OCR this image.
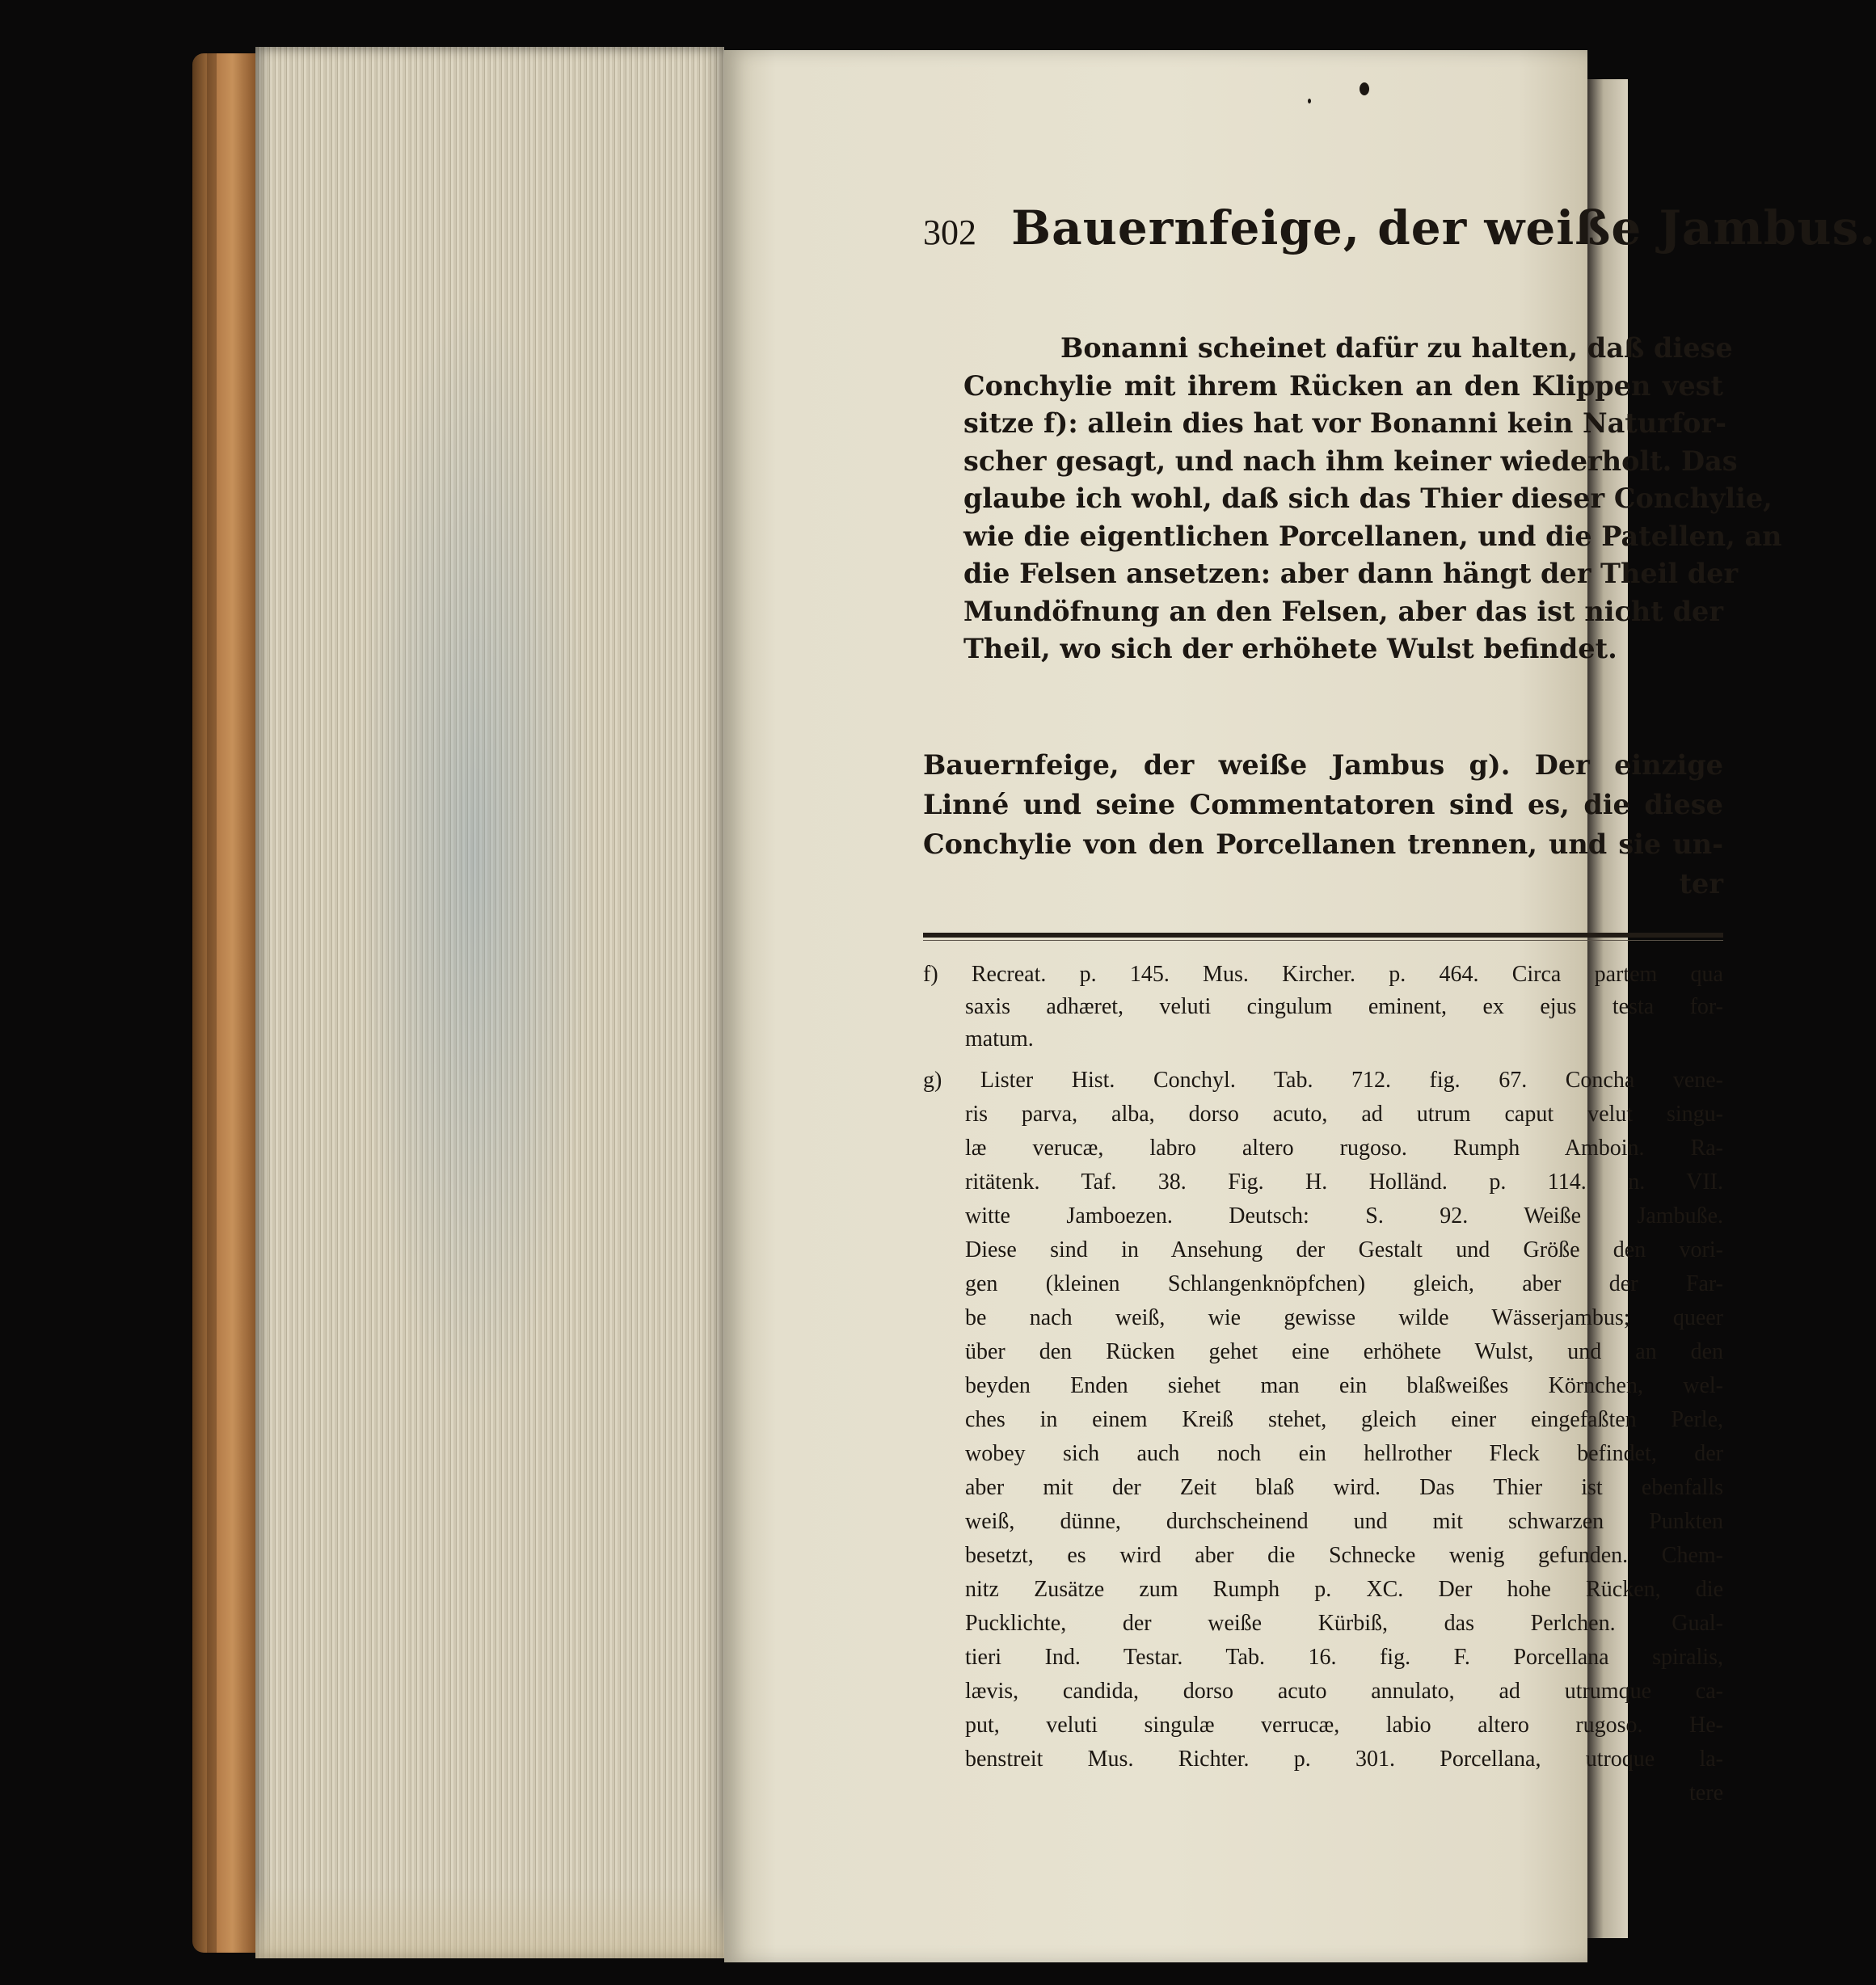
302 Bauernfeige, der weiße Jambus.
Bonanni scheinet dafür zu halten, daß diese
Conchylie mit ihrem Rücken an den Klippen vest
sitze f): allein dies hat vor Bonanni kein Naturfor-
scher gesagt, und nach ihm keiner wiederholt. Das
glaube ich wohl, daß sich das Thier dieser Conchylie,
wie die eigentlichen Porcellanen, und die Patellen, an
die Felsen ansetzen: aber dann hängt der Theil der
Mundöfnung an den Felsen, aber das ist nicht der
Theil, wo sich der erhöhete Wulst befindet.
Bauernfeige, der weiße Jambus g). Der einzige
Linné und seine Commentatoren sind es, die diese
Conchylie von den Porcellanen trennen, und sie un-
ter
f) Recreat. p. 145. Mus. Kircher. p. 464. Circa partem qua
saxis adhæret, veluti cingulum eminent, ex ejus testa for-
matum.
g) Lister Hist. Conchyl. Tab. 712. fig. 67. Concha vene-
ris parva, alba, dorso acuto, ad utrum caput velut singu-
læ verucæ, labro altero rugoso. Rumph Amboin. Ra-
ritätenk. Taf. 38. Fig. H. Holländ. p. 114. n. VII.
witte Jamboezen. Deutsch: S. 92. Weiße Jambuße.
Diese sind in Ansehung der Gestalt und Größe den vori-
gen (kleinen Schlangenknöpfchen) gleich, aber der Far-
be nach weiß, wie gewisse wilde Wässerjambus; queer
über den Rücken gehet eine erhöhete Wulst, und an den
beyden Enden siehet man ein blaßweißes Körnchen, wel-
ches in einem Kreiß stehet, gleich einer eingefaßten Perle,
wobey sich auch noch ein hellrother Fleck befindet, der
aber mit der Zeit blaß wird. Das Thier ist ebenfalls
weiß, dünne, durchscheinend und mit schwarzen Punkten
besetzt, es wird aber die Schnecke wenig gefunden. Chem-
nitz Zusätze zum Rumph p. XC. Der hohe Rücken, die
Pucklichte, der weiße Kürbiß, das Perlchen. Gual-
tieri Ind. Testar. Tab. 16. fig. F. Porcellana spiralis,
lævis, candida, dorso acuto annulato, ad utrumque ca-
put, veluti singulæ verrucæ, labio altero rugoso. He-
benstreit Mus. Richter. p. 301. Porcellana, utroque la-
tere
